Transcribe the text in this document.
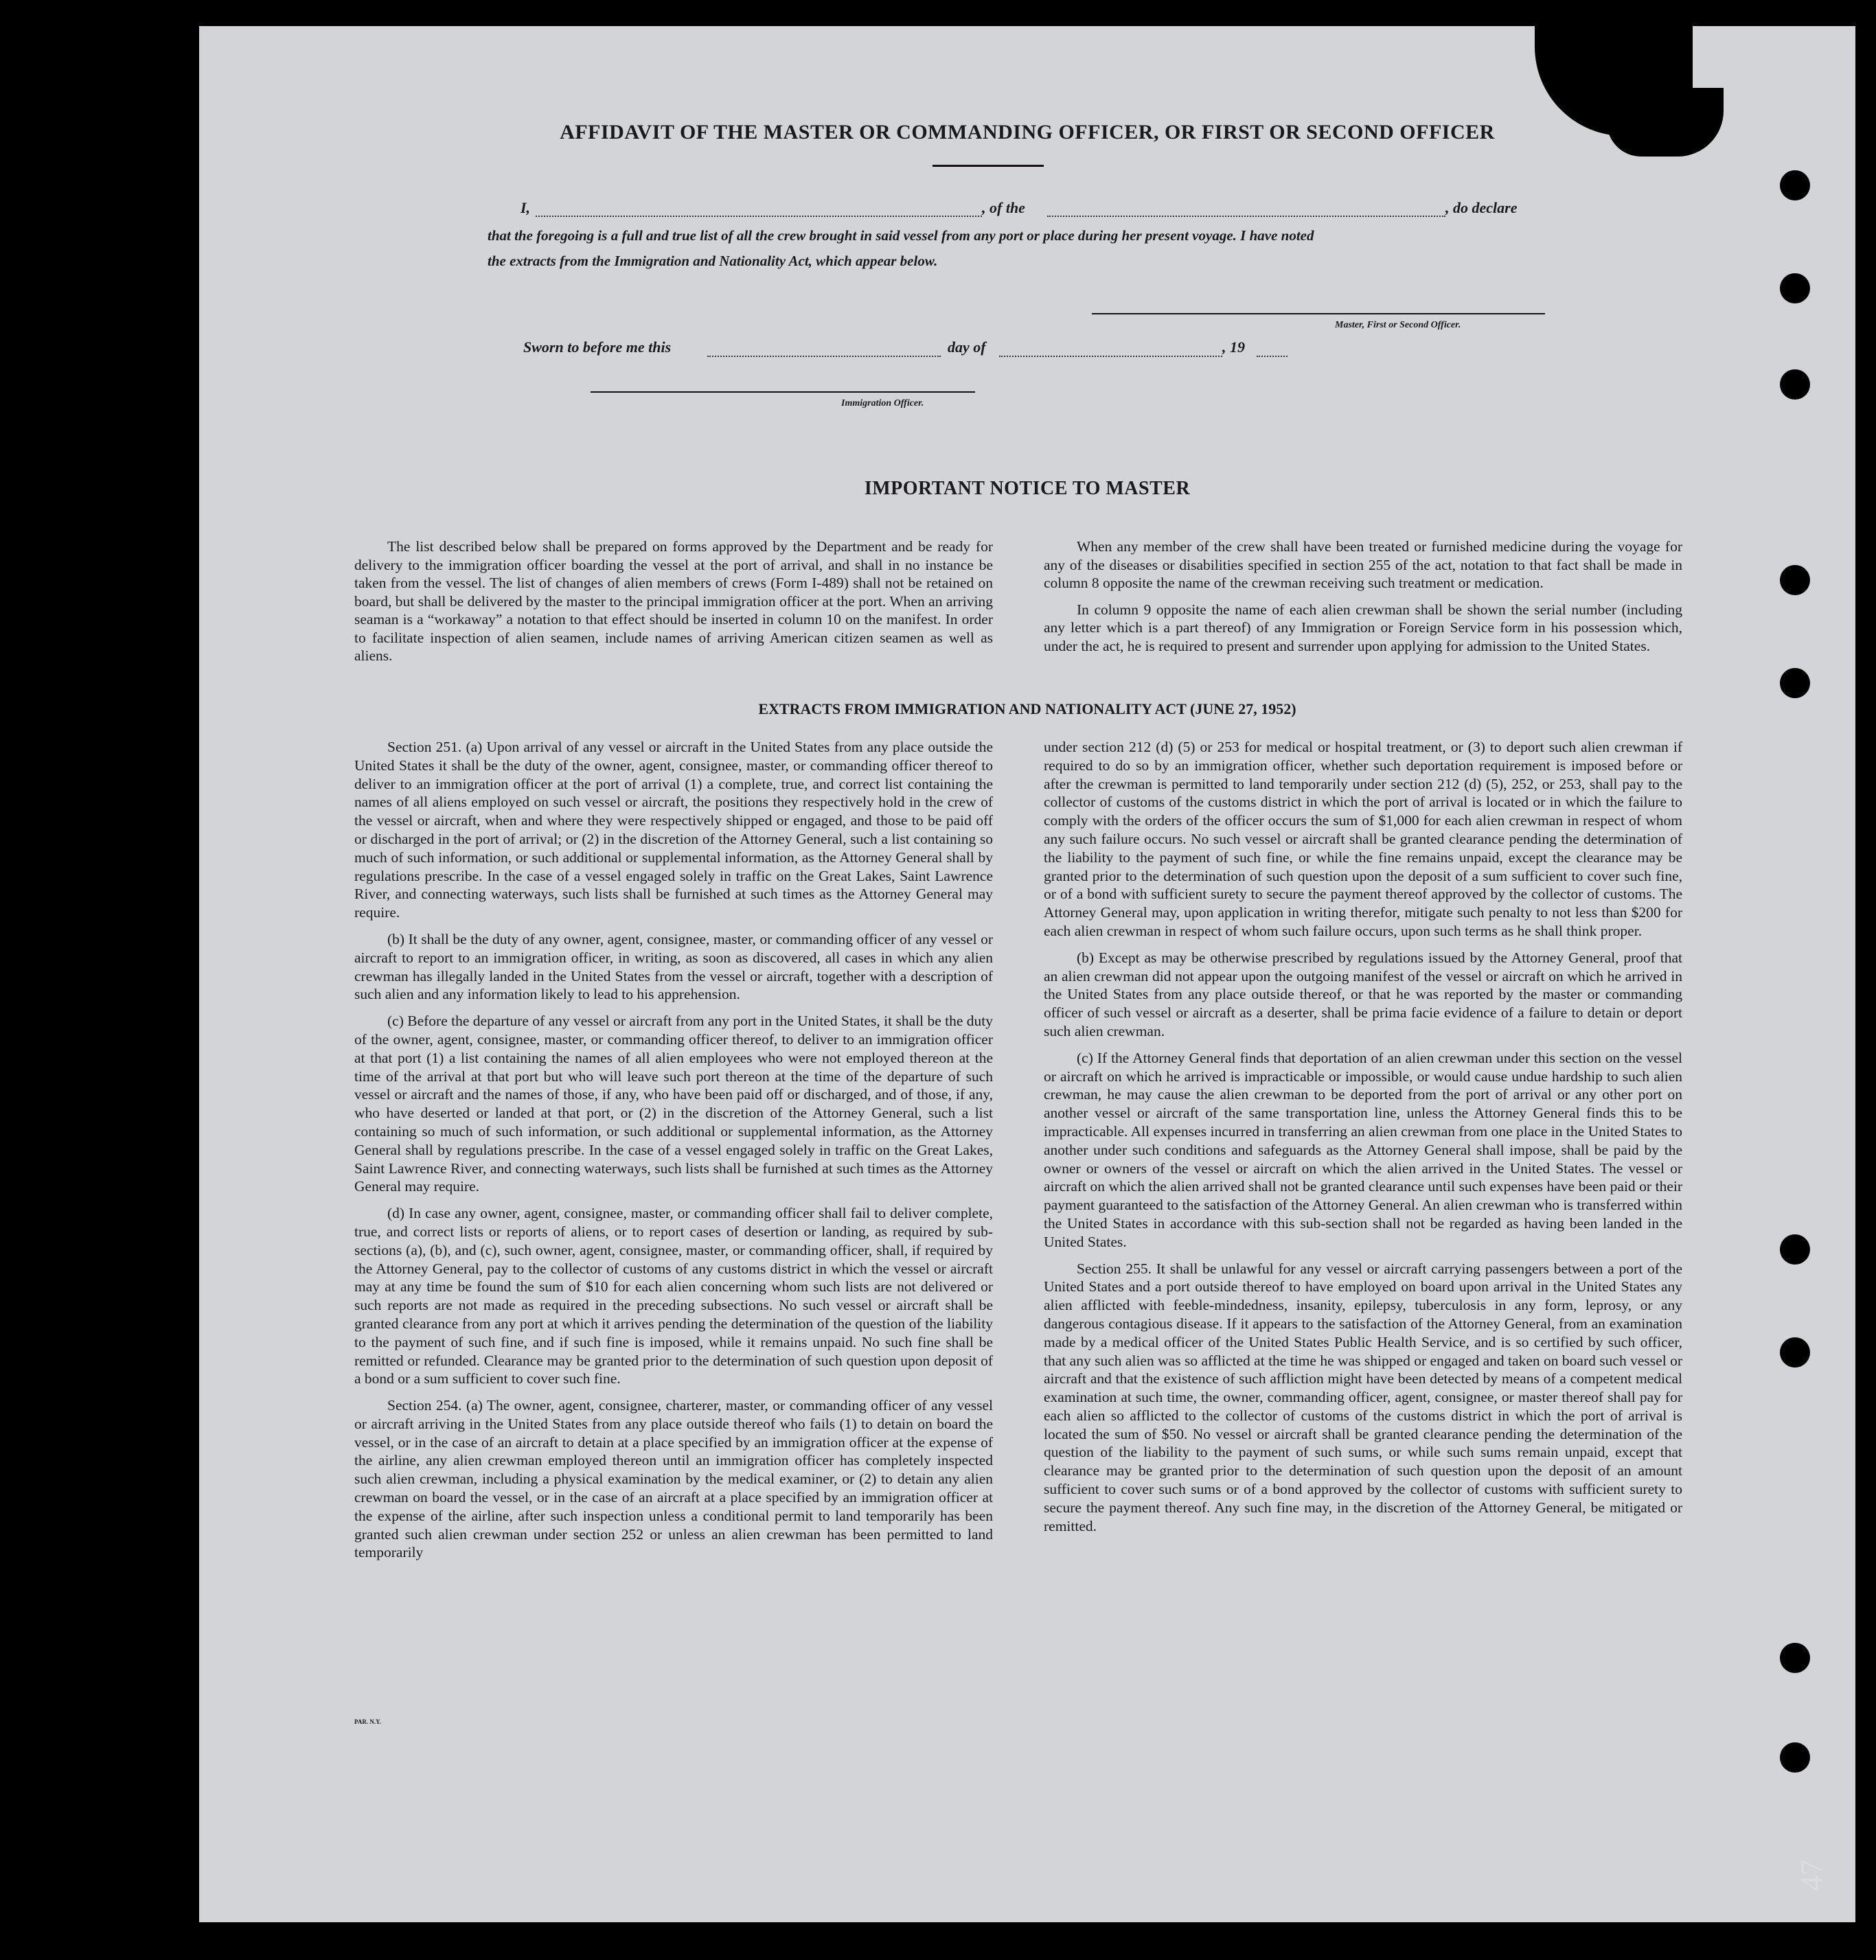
AFFIDAVIT OF THE MASTER OR COMMANDING OFFICER, OR FIRST OR SECOND OFFICER
I,	, of the	, do declare
that the foregoing is a full and true list of all the crew brought in said vessel from any port or place during her present voyage. I have noted
the extracts from the Immigration and Nationality Act, which appear below.
Master, First or Second Officer.
Sworn to before me this	day of	, 19
Immigration Officer.
IMPORTANT NOTICE TO MASTER

The list described below shall be prepared on forms approved by the Department and be ready for delivery to the immigration officer boarding the vessel at the port of arrival, and shall in no instance be taken from the vessel. The list of changes of alien members of crews (Form I-489) shall not be retained on board, but shall be delivered by the master to the principal immigration officer at the port. When an arriving seaman is a “workaway” a notation to that effect should be inserted in column 10 on the manifest. In order to facilitate inspection of alien seamen, include names of arriving American citizen seamen as well as aliens.

When any member of the crew shall have been treated or furnished medicine during the voyage for any of the diseases or disabilities specified in section 255 of the act, notation to that fact shall be made in column 8 opposite the name of the crewman receiving such treatment or medication.

In column 9 opposite the name of each alien crewman shall be shown the serial number (including any letter which is a part thereof) of any Immigration or Foreign Service form in his possession which, under the act, he is required to present and surrender upon applying for admission to the United States.

EXTRACTS FROM IMMIGRATION AND NATIONALITY ACT (JUNE 27, 1952)

Section 251. (a) Upon arrival of any vessel or aircraft in the United States from any place outside the United States it shall be the duty of the owner, agent, consignee, master, or commanding officer thereof to deliver to an immigration officer at the port of arrival (1) a complete, true, and correct list containing the names of all aliens employed on such vessel or aircraft, the positions they respectively hold in the crew of the vessel or aircraft, when and where they were respectively shipped or engaged, and those to be paid off or discharged in the port of arrival; or (2) in the discretion of the Attorney General, such a list containing so much of such information, or such additional or supplemental information, as the Attorney General shall by regulations prescribe. In the case of a vessel engaged solely in traffic on the Great Lakes, Saint Lawrence River, and connecting waterways, such lists shall be furnished at such times as the Attorney General may require.

(b) It shall be the duty of any owner, agent, consignee, master, or commanding officer of any vessel or aircraft to report to an immigration officer, in writing, as soon as discovered, all cases in which any alien crewman has illegally landed in the United States from the vessel or aircraft, together with a description of such alien and any information likely to lead to his apprehension.

(c) Before the departure of any vessel or aircraft from any port in the United States, it shall be the duty of the owner, agent, consignee, master, or commanding officer thereof, to deliver to an immigration officer at that port (1) a list containing the names of all alien employees who were not employed thereon at the time of the arrival at that port but who will leave such port thereon at the time of the departure of such vessel or aircraft and the names of those, if any, who have been paid off or discharged, and of those, if any, who have deserted or landed at that port, or (2) in the discretion of the Attorney General, such a list containing so much of such information, or such additional or supplemental information, as the Attorney General shall by regulations prescribe. In the case of a vessel engaged solely in traffic on the Great Lakes, Saint Lawrence River, and connecting waterways, such lists shall be furnished at such times as the Attorney General may require.

(d) In case any owner, agent, consignee, master, or commanding officer shall fail to deliver complete, true, and correct lists or reports of aliens, or to report cases of desertion or landing, as required by sub-sections (a), (b), and (c), such owner, agent, consignee, master, or commanding officer, shall, if required by the Attorney General, pay to the collector of customs of any customs district in which the vessel or aircraft may at any time be found the sum of $10 for each alien concerning whom such lists are not delivered or such reports are not made as required in the preceding subsections. No such vessel or aircraft shall be granted clearance from any port at which it arrives pending the determination of the question of the liability to the payment of such fine, and if such fine is imposed, while it remains unpaid. No such fine shall be remitted or refunded. Clearance may be granted prior to the determination of such question upon deposit of a bond or a sum sufficient to cover such fine.

Section 254. (a) The owner, agent, consignee, charterer, master, or commanding officer of any vessel or aircraft arriving in the United States from any place outside thereof who fails (1) to detain on board the vessel, or in the case of an aircraft to detain at a place specified by an immigration officer at the expense of the airline, any alien crewman employed thereon until an immigration officer has completely inspected such alien crewman, including a physical examination by the medical examiner, or (2) to detain any alien crewman on board the vessel, or in the case of an aircraft at a place specified by an immigration officer at the expense of the airline, after such inspection unless a conditional permit to land temporarily has been granted such alien crewman under section 252 or unless an alien crewman has been permitted to land temporarily

under section 212 (d) (5) or 253 for medical or hospital treatment, or (3) to deport such alien crewman if required to do so by an immigration officer, whether such deportation requirement is imposed before or after the crewman is permitted to land temporarily under section 212 (d) (5), 252, or 253, shall pay to the collector of customs of the customs district in which the port of arrival is located or in which the failure to comply with the orders of the officer occurs the sum of $1,000 for each alien crewman in respect of whom any such failure occurs. No such vessel or aircraft shall be granted clearance pending the determination of the liability to the payment of such fine, or while the fine remains unpaid, except the clearance may be granted prior to the determination of such question upon the deposit of a sum sufficient to cover such fine, or of a bond with sufficient surety to secure the payment thereof approved by the collector of customs. The Attorney General may, upon application in writing therefor, mitigate such penalty to not less than $200 for each alien crewman in respect of whom such failure occurs, upon such terms as he shall think proper.

(b) Except as may be otherwise prescribed by regulations issued by the Attorney General, proof that an alien crewman did not appear upon the outgoing manifest of the vessel or aircraft on which he arrived in the United States from any place outside thereof, or that he was reported by the master or commanding officer of such vessel or aircraft as a deserter, shall be prima facie evidence of a failure to detain or deport such alien crewman.

(c) If the Attorney General finds that deportation of an alien crewman under this section on the vessel or aircraft on which he arrived is impracticable or impossible, or would cause undue hardship to such alien crewman, he may cause the alien crewman to be deported from the port of arrival or any other port on another vessel or aircraft of the same transportation line, unless the Attorney General finds this to be impracticable. All expenses incurred in transferring an alien crewman from one place in the United States to another under such conditions and safeguards as the Attorney General shall impose, shall be paid by the owner or owners of the vessel or aircraft on which the alien arrived in the United States. The vessel or aircraft on which the alien arrived shall not be granted clearance until such expenses have been paid or their payment guaranteed to the satisfaction of the Attorney General. An alien crewman who is transferred within the United States in accordance with this sub-section shall not be regarded as having been landed in the United States.

Section 255. It shall be unlawful for any vessel or aircraft carrying passengers between a port of the United States and a port outside thereof to have employed on board upon arrival in the United States any alien afflicted with feeble-mindedness, insanity, epilepsy, tuberculosis in any form, leprosy, or any dangerous contagious disease. If it appears to the satisfaction of the Attorney General, from an examination made by a medical officer of the United States Public Health Service, and is so certified by such officer, that any such alien was so afflicted at the time he was shipped or engaged and taken on board such vessel or aircraft and that the existence of such affliction might have been detected by means of a competent medical examination at such time, the owner, commanding officer, agent, consignee, or master thereof shall pay for each alien so afflicted to the collector of customs of the customs district in which the port of arrival is located the sum of $50. No vessel or aircraft shall be granted clearance pending the determination of the question of the liability to the payment of such sums, or while such sums remain unpaid, except that clearance may be granted prior to the determination of such question upon the deposit of an amount sufficient to cover such sums or of a bond approved by the collector of customs with sufficient surety to secure the payment thereof. Any such fine may, in the discretion of the Attorney General, be mitigated or remitted.

PAR. N.Y.
47
